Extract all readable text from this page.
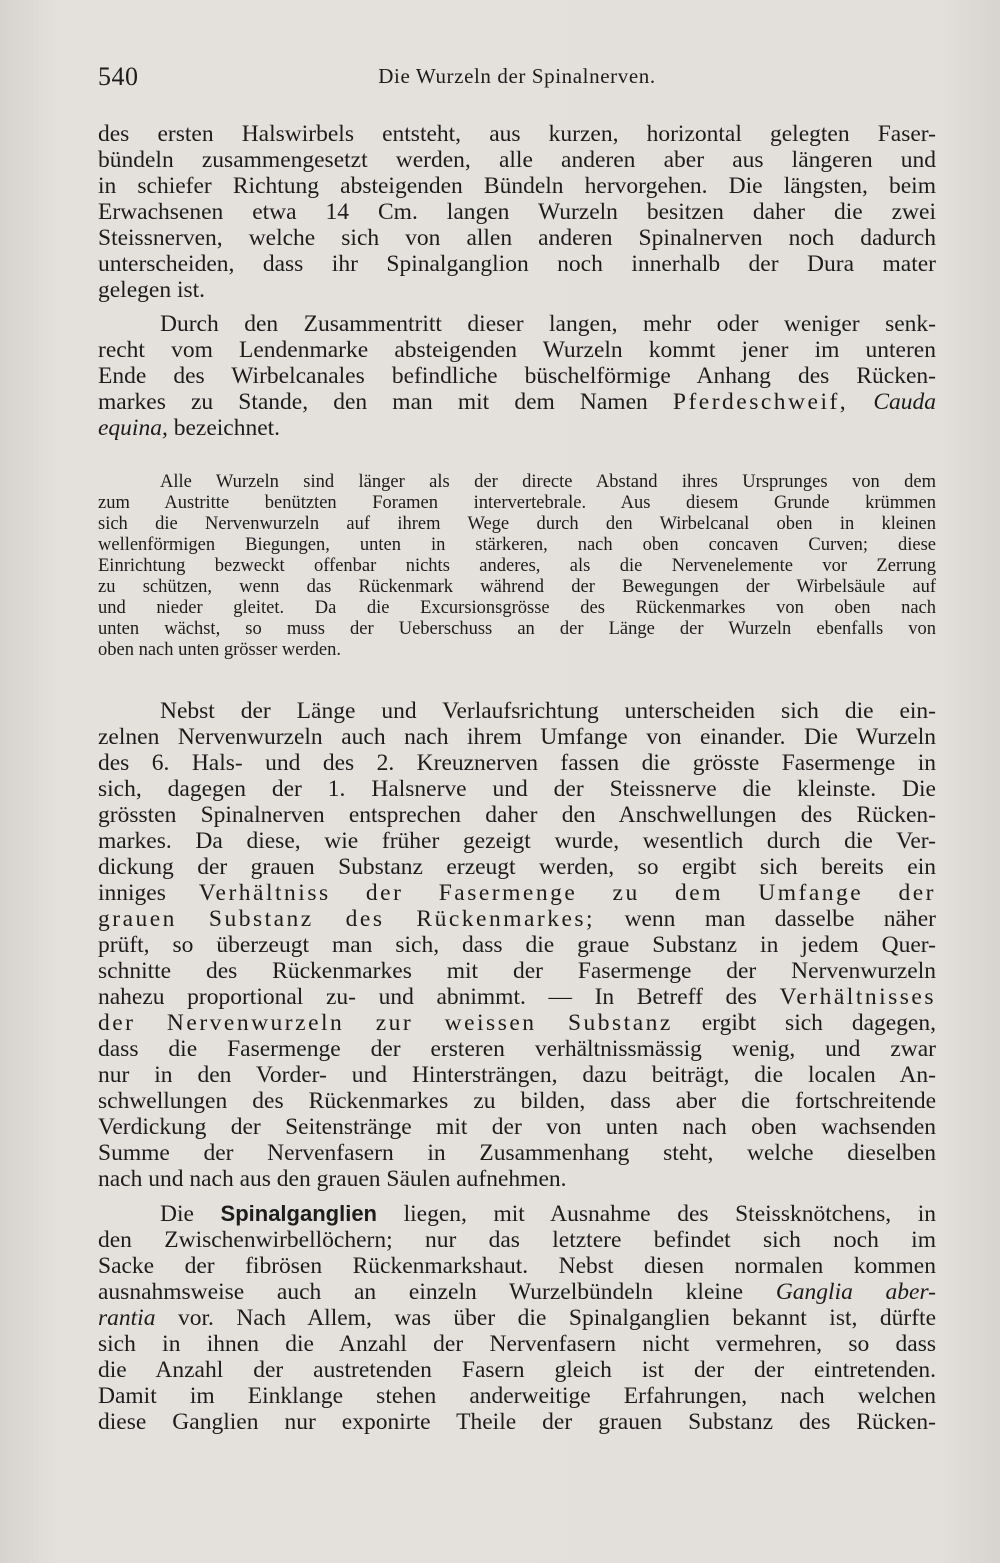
540	Die Wurzeln der Spinalnerven.
des ersten Halswirbels entsteht, aus kurzen, horizontal gelegten Faser-
bündeln zusammengesetzt werden, alle anderen aber aus längeren und
in schiefer Richtung absteigenden Bündeln hervorgehen. Die längsten, beim
Erwachsenen etwa 14 Cm. langen Wurzeln besitzen daher die zwei
Steissnerven, welche sich von allen anderen Spinalnerven noch dadurch
unterscheiden, dass ihr Spinalganglion noch innerhalb der Dura mater
gelegen ist.
Durch den Zusammentritt dieser langen, mehr oder weniger senk-
recht vom Lendenmarke absteigenden Wurzeln kommt jener im unteren
Ende des Wirbelcanales befindliche büschelförmige Anhang des Rücken-
markes zu Stande, den man mit dem Namen Pferdeschweif, Cauda
equina, bezeichnet.
Alle Wurzeln sind länger als der directe Abstand ihres Ursprunges von dem
zum Austritte benützten Foramen intervertebrale. Aus diesem Grunde krümmen
sich die Nervenwurzeln auf ihrem Wege durch den Wirbelcanal oben in kleinen
wellenförmigen Biegungen, unten in stärkeren, nach oben concaven Curven; diese
Einrichtung bezweckt offenbar nichts anderes, als die Nervenelemente vor Zerrung
zu schützen, wenn das Rückenmark während der Bewegungen der Wirbelsäule auf
und nieder gleitet. Da die Excursionsgrösse des Rückenmarkes von oben nach
unten wächst, so muss der Ueberschuss an der Länge der Wurzeln ebenfalls von
oben nach unten grösser werden.
Nebst der Länge und Verlaufsrichtung unterscheiden sich die ein-
zelnen Nervenwurzeln auch nach ihrem Umfange von einander. Die Wurzeln
des 6. Hals- und des 2. Kreuznerven fassen die grösste Fasermenge in
sich, dagegen der 1. Halsnerve und der Steissnerve die kleinste. Die
grössten Spinalnerven entsprechen daher den Anschwellungen des Rücken-
markes. Da diese, wie früher gezeigt wurde, wesentlich durch die Ver-
dickung der grauen Substanz erzeugt werden, so ergibt sich bereits ein
inniges Verhältniss der Fasermenge zu dem Umfange der
grauen Substanz des Rückenmarkes; wenn man dasselbe näher
prüft, so überzeugt man sich, dass die graue Substanz in jedem Quer-
schnitte des Rückenmarkes mit der Fasermenge der Nervenwurzeln
nahezu proportional zu- und abnimmt. — In Betreff des Verhältnisses
der Nervenwurzeln zur weissen Substanz ergibt sich dagegen,
dass die Fasermenge der ersteren verhältnissmässig wenig, und zwar
nur in den Vorder- und Hintersträngen, dazu beiträgt, die localen An-
schwellungen des Rückenmarkes zu bilden, dass aber die fortschreitende
Verdickung der Seitenstränge mit der von unten nach oben wachsenden
Summe der Nervenfasern in Zusammenhang steht, welche dieselben
nach und nach aus den grauen Säulen aufnehmen.
Die Spinalganglien liegen, mit Ausnahme des Steissknötchens, in
den Zwischenwirbellöchern; nur das letztere befindet sich noch im
Sacke der fibrösen Rückenmarkshaut. Nebst diesen normalen kommen
ausnahmsweise auch an einzeln Wurzelbündeln kleine Ganglia aber-
rantia vor. Nach Allem, was über die Spinalganglien bekannt ist, dürfte
sich in ihnen die Anzahl der Nervenfasern nicht vermehren, so dass
die Anzahl der austretenden Fasern gleich ist der der eintretenden.
Damit im Einklange stehen anderweitige Erfahrungen, nach welchen
diese Ganglien nur exponirte Theile der grauen Substanz des Rücken-
